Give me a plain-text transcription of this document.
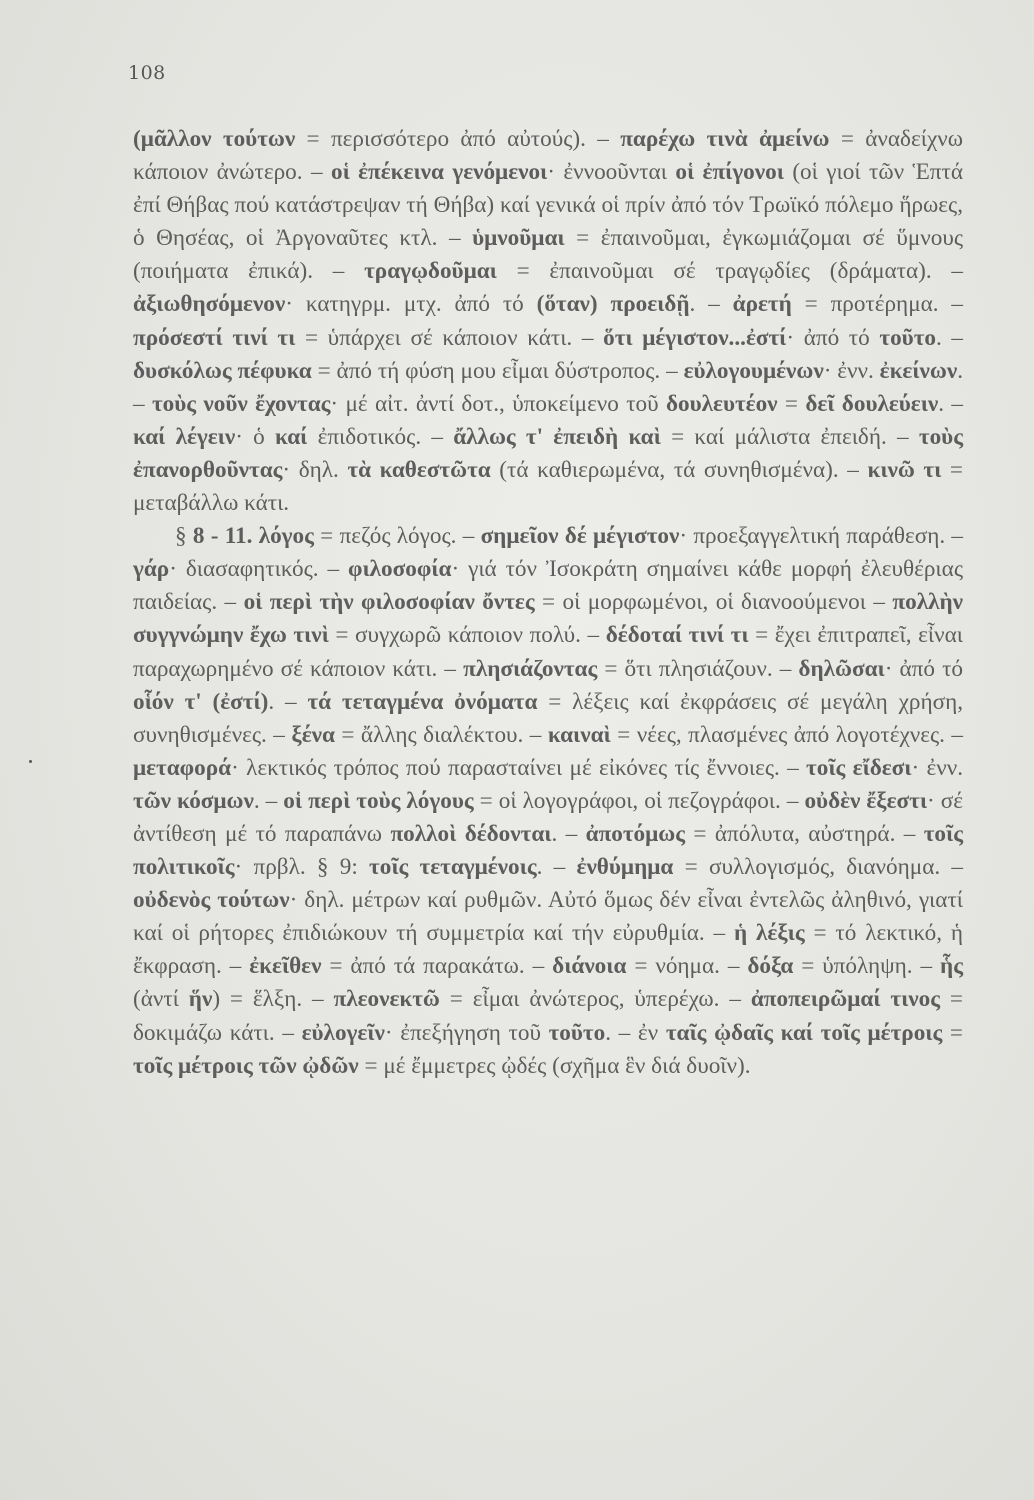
108

(μᾶλλον τούτων = περισσότερο ἀπό αὐτούς). – παρέχω τινὰ ἀμείνω = ἀναδείχνω κάποιον ἀνώτερο. – οἱ ἐπέκεινα γενόμενοι· ἐννοοῦνται οἱ ἐπίγονοι (οἱ γιοί τῶν Ἑπτά ἐπί Θήβας πού κατάστρεψαν τή Θήβα) καί γενικά οἱ πρίν ἀπό τόν Τρωϊκό πόλεμο ἥρωες, ὁ Θησέας, οἱ Ἀργοναῦτες κτλ. – ὑμνοῦμαι = ἐπαινοῦμαι, ἐγκωμιάζομαι σέ ὕμνους (ποιήματα ἐπικά). – τραγῳδοῦμαι = ἐπαινοῦμαι σέ τραγῳδίες (δράματα). – ἀξιωθησόμενον· κατηγρμ. μτχ. ἀπό τό (ὅταν) προειδῇ. – ἀρετή = προτέρημα. – πρόσεστί τινί τι = ὑπάρχει σέ κάποιον κάτι. – ὅτι μέγιστον...ἐστί· ἀπό τό τοῦτο. – δυσκόλως πέφυκα = ἀπό τή φύση μου εἶμαι δύστροπος. – εὐλογουμένων· ἐνν. ἐκείνων. – τοὺς νοῦν ἔχοντας· μέ αἰτ. ἀντί δοτ., ὑποκείμενο τοῦ δουλευτέον = δεῖ δουλεύειν. – καί λέγειν· ὁ καί ἐπιδοτικός. – ἄλλως τ' ἐπειδὴ καὶ = καί μάλιστα ἐπειδή. – τοὺς ἐπανορθοῦντας· δηλ. τὰ καθεστῶτα (τά καθιερωμένα, τά συνηθισμένα). – κινῶ τι = μεταβάλλω κάτι.

§ 8 - 11. λόγος = πεζός λόγος. – σημεῖον δέ μέγιστον· προεξαγγελτική παράθεση. – γάρ· διασαφητικός. – φιλοσοφία· γιά τόν Ἰσοκράτη σημαίνει κάθε μορφή ἐλευθέριας παιδείας. – οἱ περὶ τὴν φιλοσοφίαν ὄντες = οἱ μορφωμένοι, οἱ διανοούμενοι – πολλὴν συγγνώμην ἔχω τινὶ = συγχωρῶ κάποιον πολύ. – δέδοταί τινί τι = ἔχει ἐπιτραπεῖ, εἶναι παραχωρημένο σέ κάποιον κάτι. – πλησιάζοντας = ὅτι πλησιάζουν. – δηλῶσαι· ἀπό τό οἷόν τ' (ἐστί). – τά τεταγμένα ὀνόματα = λέξεις καί ἐκφράσεις σέ μεγάλη χρήση, συνηθισμένες. – ξένα = ἄλλης διαλέκτου. – καιναὶ = νέες, πλασμένες ἀπό λογοτέχνες. – μεταφορά· λεκτικός τρόπος πού παρασταίνει μέ εἰκόνες τίς ἔννοιες. – τοῖς εἴδεσι· ἐνν. τῶν κόσμων. – οἱ περὶ τοὺς λόγους = οἱ λογογράφοι, οἱ πεζογράφοι. – οὐδὲν ἔξεστι· σέ ἀντίθεση μέ τό παραπάνω πολλοὶ δέδονται. – ἀποτόμως = ἀπόλυτα, αὐστηρά. – τοῖς πολιτικοῖς· πρβλ. § 9: τοῖς τεταγμένοις. – ἐνθύμημα = συλλογισμός, διανόημα. – οὐδενὸς τούτων· δηλ. μέτρων καί ρυθμῶν. Αὐτό ὅμως δέν εἶναι ἐντελῶς ἀληθινό, γιατί καί οἱ ρήτορες ἐπιδιώκουν τή συμμετρία καί τήν εὐρυθμία. – ἡ λέξις = τό λεκτικό, ἡ ἔκφραση. – ἐκεῖθεν = ἀπό τά παρακάτω. – διάνοια = νόημα. – δόξα = ὑπόληψη. – ἧς (ἀντί ἥν) = ἕλξη. – πλεονεκτῶ = εἶμαι ἀνώτερος, ὑπερέχω. – ἀποπειρῶμαί τινος = δοκιμάζω κάτι. – εὐλογεῖν· ἐπεξήγηση τοῦ τοῦτο. – ἐν ταῖς ᾠδαῖς καί τοῖς μέτροις = τοῖς μέτροις τῶν ᾠδῶν = μέ ἔμμετρες ᾠδές (σχῆμα ἓν διά δυοῖν).
